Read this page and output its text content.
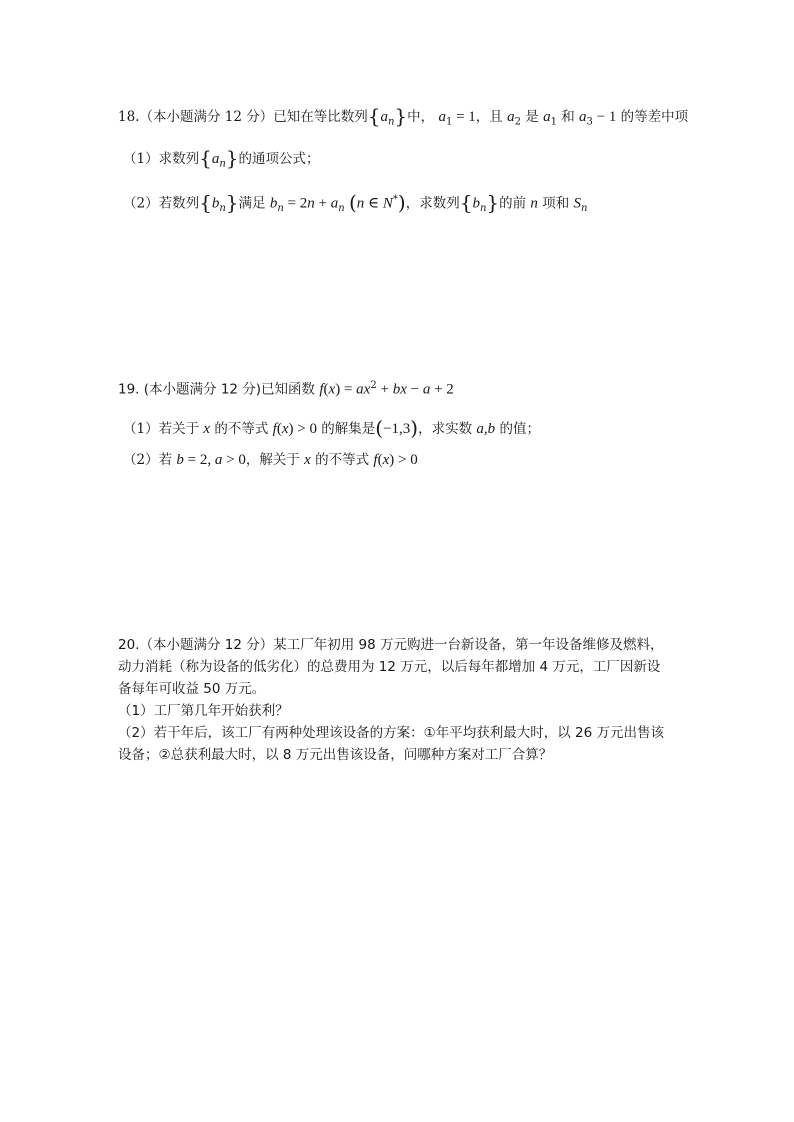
18.（本小题满分 12 分）已知在等比数列$\{a_n\}$中， $a_1 = 1$，且 $a_2$ 是 $a_1$ 和 $a_3 - 1$ 的等差中项
（1）求数列$\{a_n\}$的通项公式；
（2）若数列$\{b_n\}$满足 $b_n = 2n + a_n$ (n ∈ N*)，求数列$\{b_n\}$的前 n 项和 $S_n$
19. (本小题满分 12 分)已知函数 $f(x) = ax^2$ + bx − a + 2
（1）若关于 x 的不等式 f(x) > 0 的解集是(−1,3)，求实数 a,b 的值；
（2）若 b = 2, a > 0，解关于 x 的不等式 f(x) > 0
20.（本小题满分 12 分）某工厂年初用 98 万元购进一台新设备，第一年设备维修及燃料，
动力消耗（称为设备的低劣化）的总费用为 12 万元，以后每年都增加 4 万元，工厂因新设
备每年可收益 50 万元。
（1）工厂第几年开始获利？
（2）若干年后，该工厂有两种处理该设备的方案：①年平均获利最大时，以 26 万元出售该
设备；②总获利最大时，以 8 万元出售该设备，问哪种方案对工厂合算？
